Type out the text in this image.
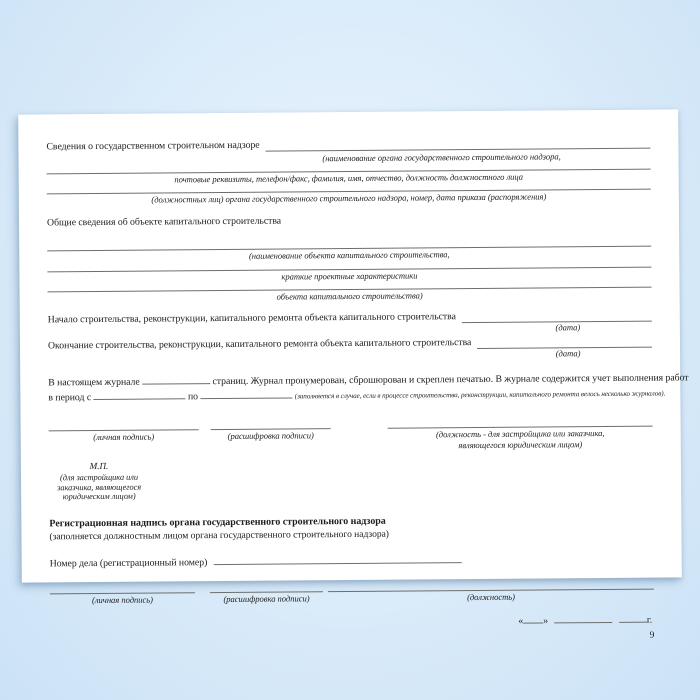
Сведения о государственном строительном надзоре
(наименование органа государственного строительного надзора,
почтовые реквизиты, телефон/факс, фамилия, имя, отчество, должность должностного лица
(должностных лиц) органа государственного строительного надзора, номер, дата приказа (распоряжения)
Общие сведения об объекте капитального строительства
(наименование объекта капитального строительства,
краткие проектные характеристики
объекта капитального строительства)
Начало строительства, реконструкции, капитального ремонта объекта капитального строительства
(дата)
Окончание строительства, реконструкции, капитального ремонта объекта капитального строительства
(дата)
В настоящем журнале	страниц. Журнал пронумерован, сброшюрован и скреплен печатью. В журнале содержится учет выполнения работ
в период с	по	(заполняется в случае, если в процессе строительства, реконструкции, капитального ремонта велось несколько журналов).
(личная подпись)	(расшифровка подписи)	(должность - для застройщика или заказчика,
являющегося юридическим лицом)
М.П.
(для застройщика или
заказчика, являющегося
юридическим лицом)
Регистрационная надпись органа государственного строительного надзора
(заполняется должностным лицом органа государственного строительного надзора)
Номер дела (регистрационный номер)
(личная подпись)	(расшифровка подписи)	(должность)
« »	г.
9
